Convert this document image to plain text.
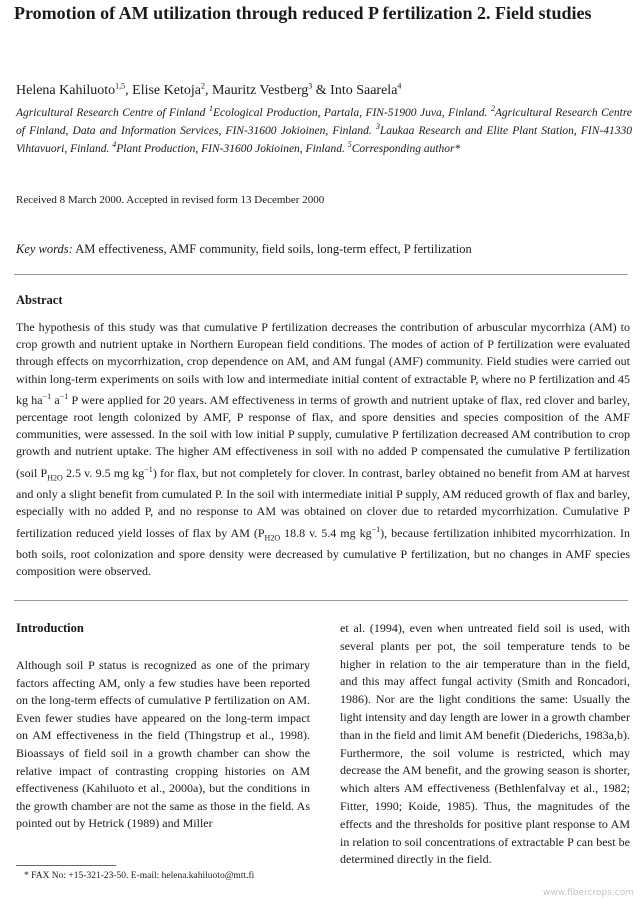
Promotion of AM utilization through reduced P fertilization 2. Field studies
Helena Kahiluoto$^{1,5}$, Elise Ketoja$^2$, Mauritz Vestberg$^3$ & Into Saarela$^4$
Agricultural Research Centre of Finland $^1$Ecological Production, Partala, FIN-51900 Juva, Finland. $^2$Agricultural Research Centre of Finland, Data and Information Services, FIN-31600 Jokioinen, Finland. $^3$Laukaa Research and Elite Plant Station, FIN-41330 Vihtavuori, Finland. $^4$Plant Production, FIN-31600 Jokioinen, Finland. $^5$Corresponding author*
Received 8 March 2000. Accepted in revised form 13 December 2000
Key words: AM effectiveness, AMF community, field soils, long-term effect, P fertilization
Abstract

The hypothesis of this study was that cumulative P fertilization decreases the contribution of arbuscular mycorrhiza (AM) to crop growth and nutrient uptake in Northern European field conditions. The modes of action of P fertilization were evaluated through effects on mycorrhization, crop dependence on AM, and AM fungal (AMF) community. Field studies were carried out within long-term experiments on soils with low and intermediate initial content of extractable P, where no P fertilization and 45 kg $ha^{-1}$ $a^{-1}$ P were applied for 20 years. AM effectiveness in terms of growth and nutrient uptake of flax, red clover and barley, percentage root length colonized by AMF, P response of flax, and spore densities and species composition of the AMF communities, were assessed. In the soil with low initial P supply, cumulative P fertilization decreased AM contribution to crop growth and nutrient uptake. The higher AM effectiveness in soil with no added P compensated the cumulative P fertilization (soil $P_{H2O}$ 2.5 v. 9.5 mg $kg^{-1}$) for flax, but not completely for clover. In contrast, barley obtained no benefit from AM at harvest and only a slight benefit from cumulated P. In the soil with intermediate initial P supply, AM reduced growth of flax and barley, especially with no added P, and no response to AM was obtained on clover due to retarded mycorrhization. Cumulative P fertilization reduced yield losses of flax by AM ($P_{H2O}$ 18.8 v. 5.4 mg $kg^{-1}$), because fertilization inhibited mycorrhization. In both soils, root colonization and spore density were decreased by cumulative P fertilization, but no changes in AMF species composition were observed.

Introduction

Although soil P status is recognized as one of the primary factors affecting AM, only a few studies have been reported on the long-term effects of cumulative P fertilization on AM. Even fewer studies have appeared on the long-term impact on AM effectiveness in the field (Thingstrup et al., 1998). Bioassays of field soil in a growth chamber can show the relative impact of contrasting cropping histories on AM effectiveness (Kahiluoto et al., 2000a), but the conditions in the growth chamber are not the same as those in the field. As pointed out by Hetrick (1989) and Miller

et al. (1994), even when untreated field soil is used, with several plants per pot, the soil temperature tends to be higher in relation to the air temperature than in the field, and this may affect fungal activity (Smith and Roncadori, 1986). Nor are the light conditions the same: Usually the light intensity and day length are lower in a growth chamber than in the field and limit AM benefit (Diederichs, 1983a,b). Furthermore, the soil volume is restricted, which may decrease the AM benefit, and the growing season is shorter, which alters AM effectiveness (Bethlenfalvay et al., 1982; Fitter, 1990; Koide, 1985). Thus, the magnitudes of the effects and the thresholds for positive plant response to AM in relation to soil concentrations of extractable P can best be determined directly in the field.

* FAX No: +15-321-23-50. E-mail: helena.kahiluoto@mtt.fi
www.fibercrops.com
